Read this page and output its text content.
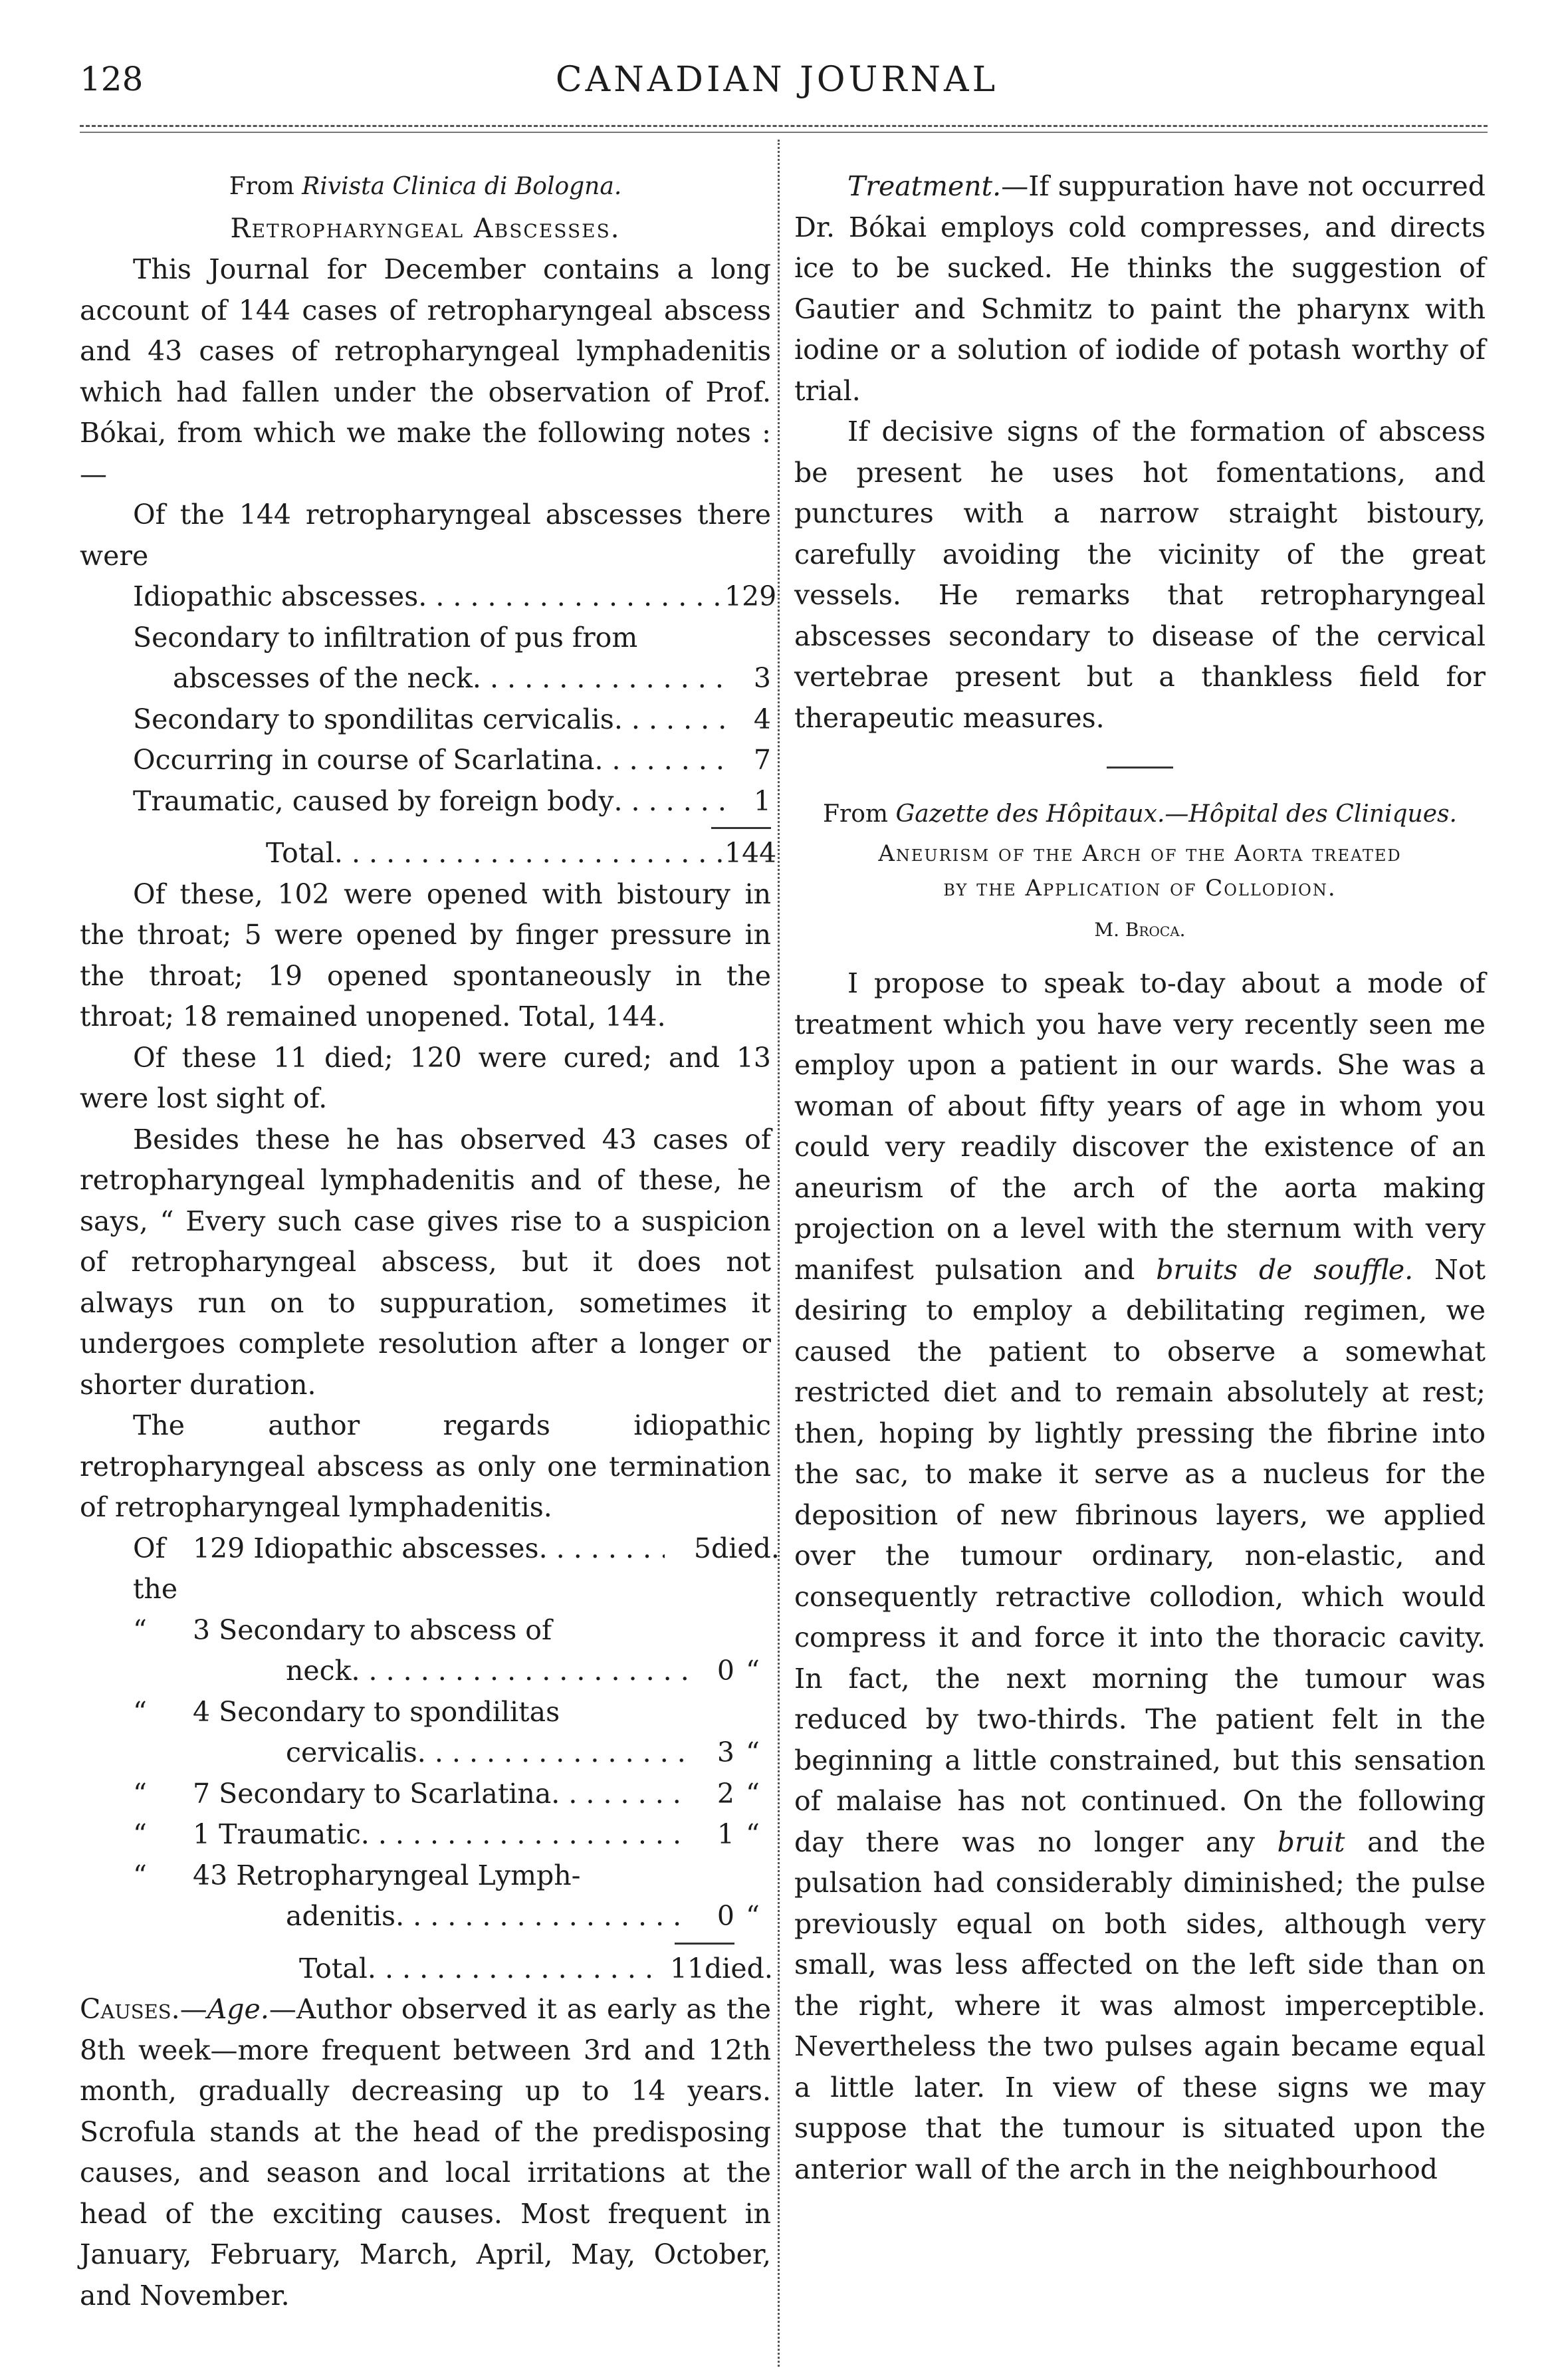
128	CANADIAN JOURNAL

From Rivista Clinica di Bologna.

Retropharyngeal Abscesses.

This Journal for December contains a long account of 144 cases of retropharyngeal abscess and 43 cases of retropharyngeal lymphadenitis which had fallen under the observation of Prof. Bókai, from which we make the following notes :—

Of the 144 retropharyngeal abscesses there were

Idiopathic abscesses . . .	129
Secondary to infiltration of pus from
abscesses of the neck . . .	3
Secondary to spondilitas cervicalis . . .	4
Occurring in course of Scarlatina . . .	7
Traumatic, caused by foreign body . . .	1
Total . . .	144

Of these, 102 were opened with bistoury in the throat; 5 were opened by finger pressure in the throat; 19 opened spontaneously in the throat; 18 remained unopened. Total, 144.

Of these 11 died; 120 were cured; and 13 were lost sight of.

Besides these he has observed 43 cases of retropharyngeal lymphadenitis and of these, he says, “ Every such case gives rise to a suspicion of retropharyngeal abscess, but it does not always run on to suppuration, sometimes it undergoes complete resolution after a longer or shorter duration.

The author regards idiopathic retropharyngeal abscess as only one termination of retropharyngeal lymphadenitis.

Of the
129 Idiopathic abscesses . . .	5 died.
“	3 Secondary to abscess of
neck . . .	0 “
“	4 Secondary to spondilitas
cervicalis . . .	3 “
“	7 Secondary to Scarlatina . . .	2 “
“	1 Traumatic . . .	1 “
“	43 Retropharyngeal Lymph-
adenitis . . .	0 “
Total . . .	11 died.

Causes.—Age.—Author observed it as early as the 8th week—more frequent between 3rd and 12th month, gradually decreasing up to 14 years. Scrofula stands at the head of the predisposing causes, and season and local irritations at the head of the exciting causes. Most frequent in January, February, March, April, May, October, and November.

Treatment.—If suppuration have not occurred Dr. Bókai employs cold compresses, and directs ice to be sucked. He thinks the suggestion of Gautier and Schmitz to paint the pharynx with iodine or a solution of iodide of potash worthy of trial.

If decisive signs of the formation of abscess be present he uses hot fomentations, and punctures with a narrow straight bistoury, carefully avoiding the vicinity of the great vessels. He remarks that retropharyngeal abscesses secondary to disease of the cervical vertebrae present but a thankless field for therapeutic measures.

From Gazette des Hôpitaux.—Hôpital des Cliniques.

Aneurism of the Arch of the Aorta treated

by the Application of Collodion.

M. Broca.

I propose to speak to-day about a mode of treatment which you have very recently seen me employ upon a patient in our wards. She was a woman of about fifty years of age in whom you could very readily discover the existence of an aneurism of the arch of the aorta making projection on a level with the sternum with very manifest pulsation and bruits de souffle. Not desiring to employ a debilitating regimen, we caused the patient to observe a somewhat restricted diet and to remain absolutely at rest; then, hoping by lightly pressing the fibrine into the sac, to make it serve as a nucleus for the deposition of new fibrinous layers, we applied over the tumour ordinary, non-elastic, and consequently retractive collodion, which would compress it and force it into the thoracic cavity. In fact, the next morning the tumour was reduced by two-thirds. The patient felt in the beginning a little constrained, but this sensation of malaise has not continued. On the following day there was no longer any bruit and the pulsation had considerably diminished; the pulse previously equal on both sides, although very small, was less affected on the left side than on the right, where it was almost imperceptible. Nevertheless the two pulses again became equal a little later. In view of these signs we may suppose that the tumour is situated upon the anterior wall of the arch in the neighbourhood
